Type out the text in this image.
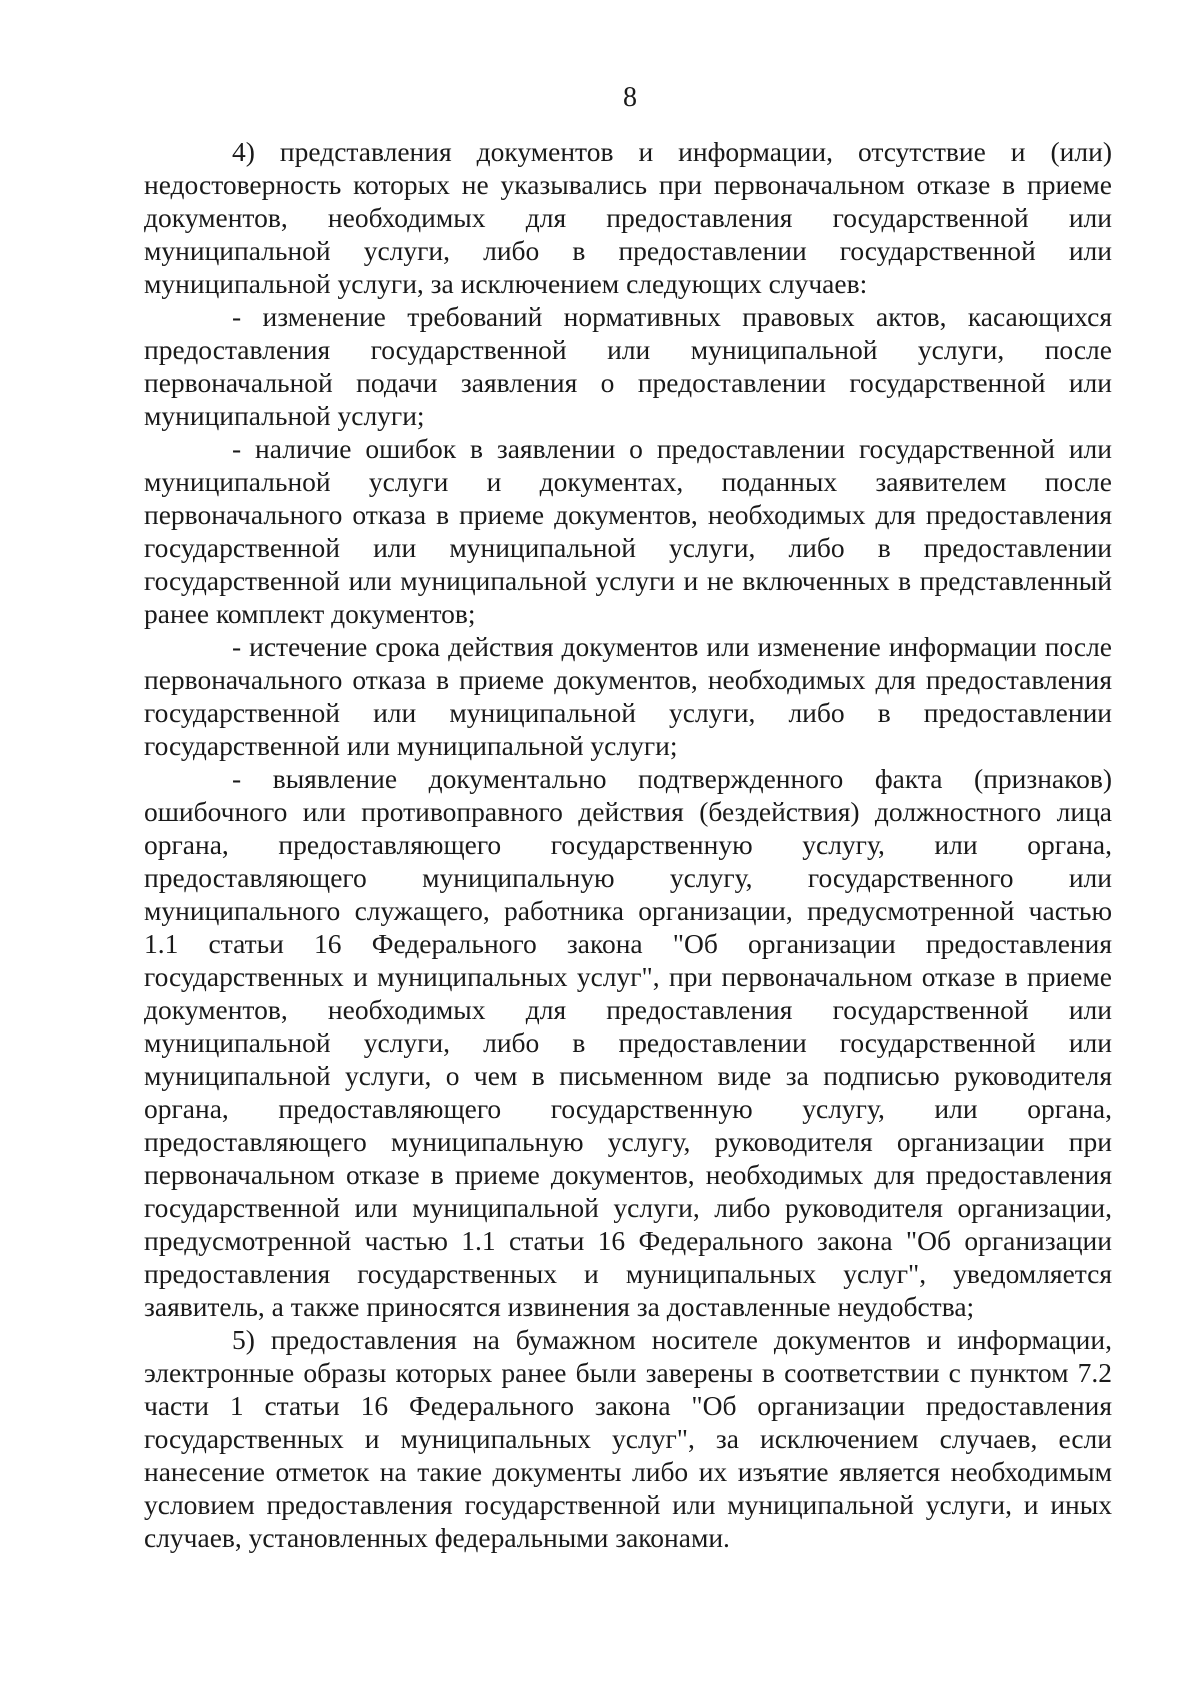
8

4) представления документов и информации, отсутствие и (или) недостоверность которых не указывались при первоначальном отказе в приеме документов, необходимых для предоставления государственной или муниципальной услуги, либо в предоставлении государственной или муниципальной услуги, за исключением следующих случаев:

- изменение требований нормативных правовых актов, касающихся предоставления государственной или муниципальной услуги, после первоначальной подачи заявления о предоставлении государственной или муниципальной услуги;

- наличие ошибок в заявлении о предоставлении государственной или муниципальной услуги и документах, поданных заявителем после первоначального отказа в приеме документов, необходимых для предоставления государственной или муниципальной услуги, либо в предоставлении государственной или муниципальной услуги и не включенных в представленный ранее комплект документов;

- истечение срока действия документов или изменение информации после первоначального отказа в приеме документов, необходимых для предоставления государственной или муниципальной услуги, либо в предоставлении государственной или муниципальной услуги;

- выявление документально подтвержденного факта (признаков) ошибочного или противоправного действия (бездействия) должностного лица органа, предоставляющего государственную услугу, или органа, предоставляющего муниципальную услугу, государственного или муниципального служащего, работника организации, предусмотренной частью 1.1 статьи 16 Федерального закона "Об организации предоставления государственных и муниципальных услуг", при первоначальном отказе в приеме документов, необходимых для предоставления государственной или муниципальной услуги, либо в предоставлении государственной или муниципальной услуги, о чем в письменном виде за подписью руководителя органа, предоставляющего государственную услугу, или органа, предоставляющего муниципальную услугу, руководителя организации при первоначальном отказе в приеме документов, необходимых для предоставления государственной или муниципальной услуги, либо руководителя организации, предусмотренной частью 1.1 статьи 16 Федерального закона "Об организации предоставления государственных и муниципальных услуг", уведомляется заявитель, а также приносятся извинения за доставленные неудобства;

5) предоставления на бумажном носителе документов и информации, электронные образы которых ранее были заверены в соответствии с пунктом 7.2 части 1 статьи 16 Федерального закона "Об организации предоставления государственных и муниципальных услуг", за исключением случаев, если нанесение отметок на такие документы либо их изъятие является необходимым условием предоставления государственной или муниципальной услуги, и иных случаев, установленных федеральными законами.
